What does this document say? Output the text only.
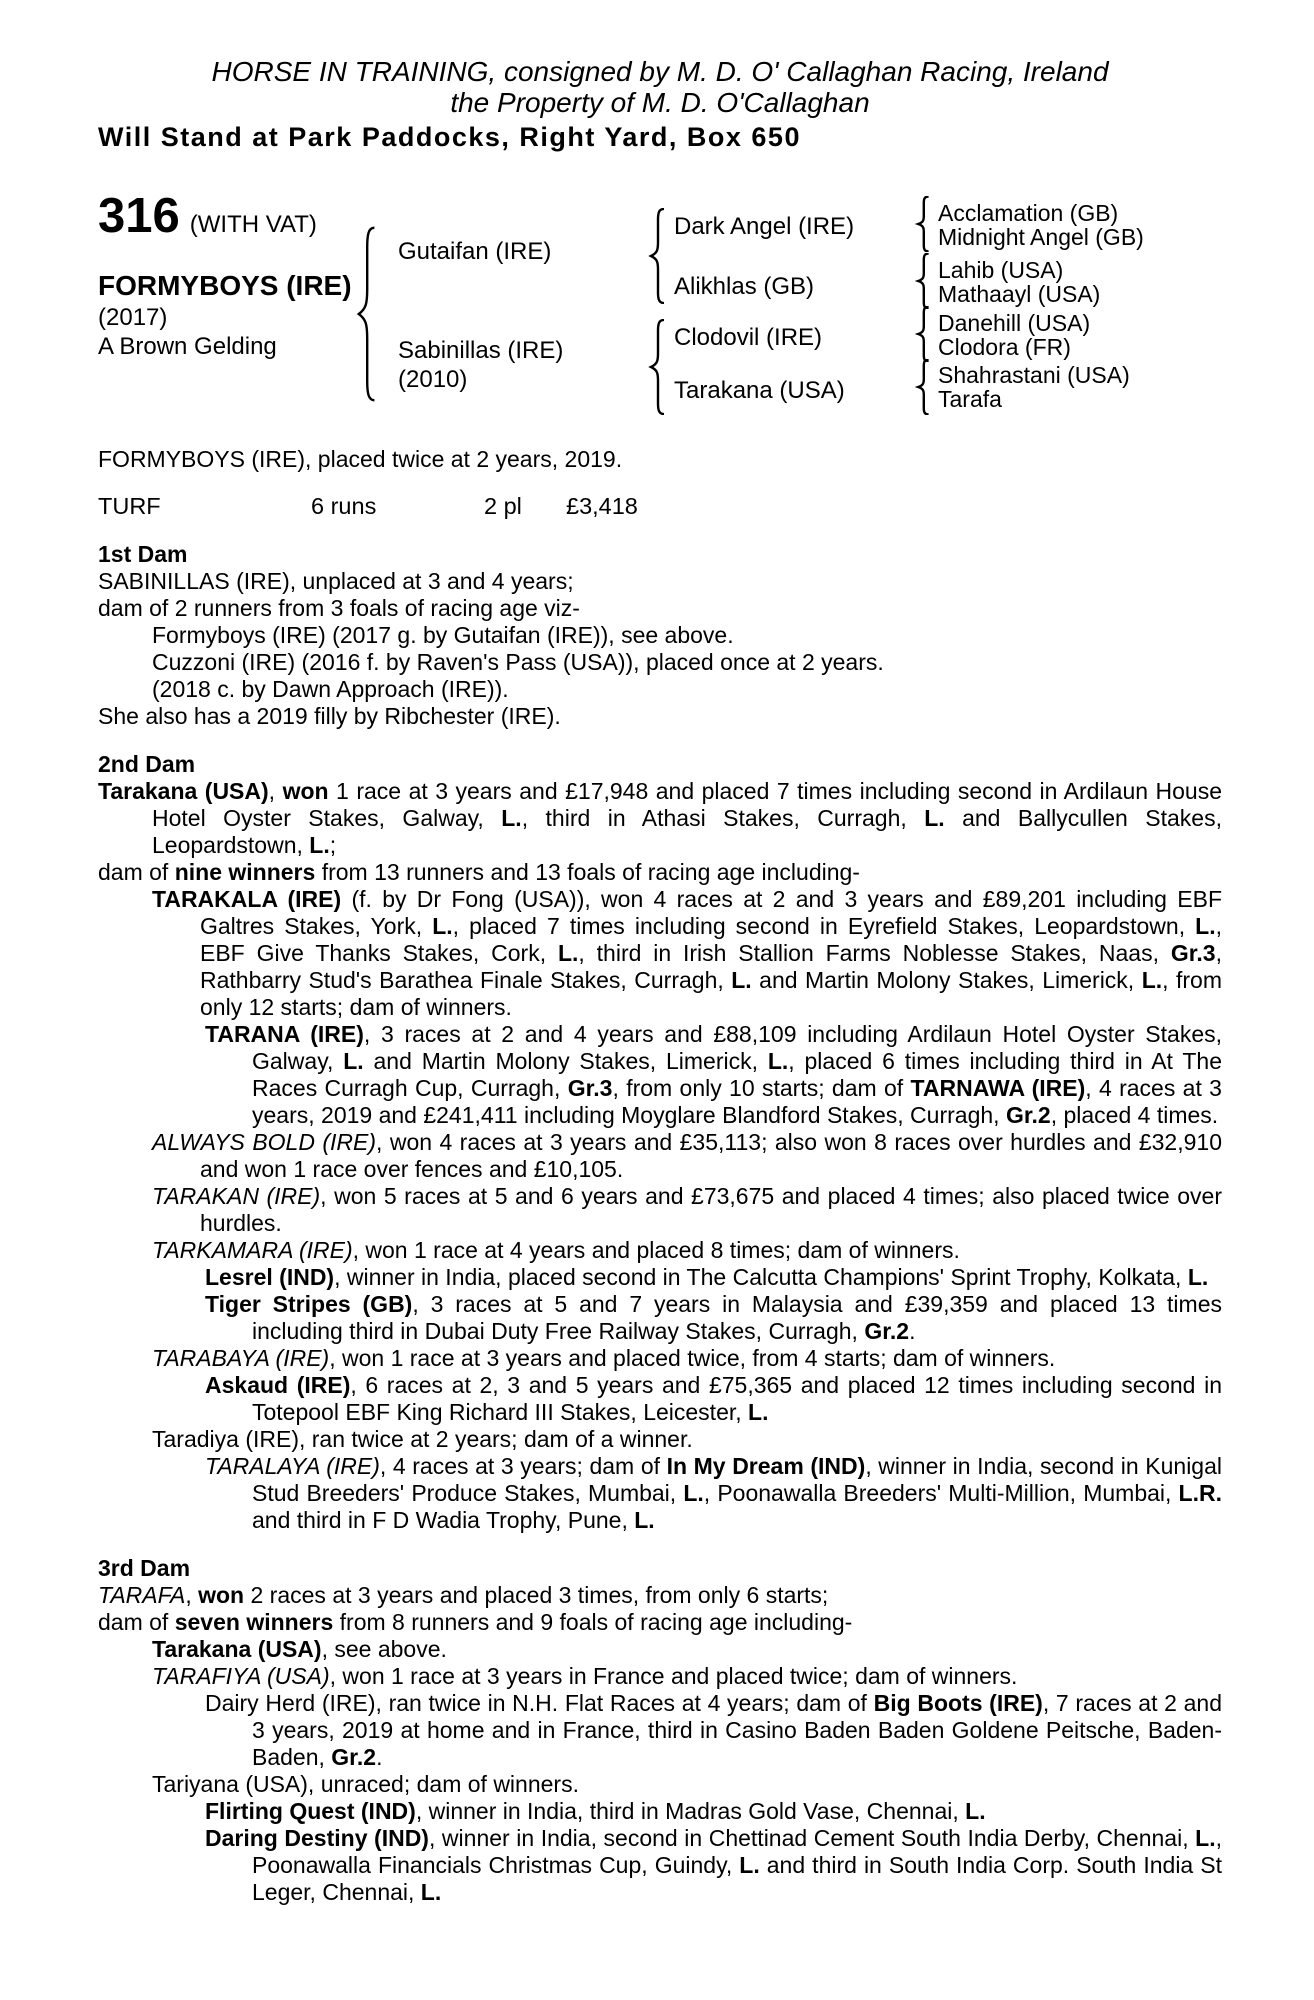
HORSE IN TRAINING, consigned by M. D. O' Callaghan Racing, Ireland
the Property of M. D. O'Callaghan
Will Stand at Park Paddocks, Right Yard, Box 650
316 (WITH VAT)
FORMYBOYS (IRE)
(2017)
A Brown Gelding
Gutaifan (IRE)
Sabinillas (IRE)
(2010)
Dark Angel (IRE)
Alikhlas (GB)
Clodovil (IRE)
Tarakana (USA)
Acclamation (GB)
Midnight Angel (GB)
Lahib (USA)
Mathaayl (USA)
Danehill (USA)
Clodora (FR)
Shahrastani (USA)
Tarafa
FORMYBOYS (IRE), placed twice at 2 years, 2019.
TURF	6 runs	2 pl £3,418

1st Dam

SABINILLAS (IRE), unplaced at 3 and 4 years;

dam of 2 runners from 3 foals of racing age viz-

Formyboys (IRE) (2017 g. by Gutaifan (IRE)), see above.

Cuzzoni (IRE) (2016 f. by Raven's Pass (USA)), placed once at 2 years.

(2018 c. by Dawn Approach (IRE)).

She also has a 2019 filly by Ribchester (IRE).

2nd Dam

Tarakana (USA), won 1 race at 3 years and £17,948 and placed 7 times including second in Ardilaun House Hotel Oyster Stakes, Galway, L., third in Athasi Stakes, Curragh, L. and Ballycullen Stakes, Leopardstown, L.;

dam of nine winners from 13 runners and 13 foals of racing age including-

TARAKALA (IRE) (f. by Dr Fong (USA)), won 4 races at 2 and 3 years and £89,201 including EBF Galtres Stakes, York, L., placed 7 times including second in Eyrefield Stakes, Leopardstown, L., EBF Give Thanks Stakes, Cork, L., third in Irish Stallion Farms Noblesse Stakes, Naas, Gr.3, Rathbarry Stud's Barathea Finale Stakes, Curragh, L. and Martin Molony Stakes, Limerick, L., from only 12 starts; dam of winners.

TARANA (IRE), 3 races at 2 and 4 years and £88,109 including Ardilaun Hotel Oyster Stakes, Galway, L. and Martin Molony Stakes, Limerick, L., placed 6 times including third in At The Races Curragh Cup, Curragh, Gr.3, from only 10 starts; dam of TARNAWA (IRE), 4 races at 3 years, 2019 and £241,411 including Moyglare Blandford Stakes, Curragh, Gr.2, placed 4 times.

ALWAYS BOLD (IRE), won 4 races at 3 years and £35,113; also won 8 races over hurdles and £32,910 and won 1 race over fences and £10,105.

TARAKAN (IRE), won 5 races at 5 and 6 years and £73,675 and placed 4 times; also placed twice over hurdles.

TARKAMARA (IRE), won 1 race at 4 years and placed 8 times; dam of winners.

Lesrel (IND), winner in India, placed second in The Calcutta Champions' Sprint Trophy, Kolkata, L.

Tiger Stripes (GB), 3 races at 5 and 7 years in Malaysia and £39,359 and placed 13 times including third in Dubai Duty Free Railway Stakes, Curragh, Gr.2.

TARABAYA (IRE), won 1 race at 3 years and placed twice, from 4 starts; dam of winners.

Askaud (IRE), 6 races at 2, 3 and 5 years and £75,365 and placed 12 times including second in Totepool EBF King Richard III Stakes, Leicester, L.

Taradiya (IRE), ran twice at 2 years; dam of a winner.

TARALAYA (IRE), 4 races at 3 years; dam of In My Dream (IND), winner in India, second in Kunigal Stud Breeders' Produce Stakes, Mumbai, L., Poonawalla Breeders' Multi-Million, Mumbai, L.R. and third in F D Wadia Trophy, Pune, L.

3rd Dam

TARAFA, won 2 races at 3 years and placed 3 times, from only 6 starts;

dam of seven winners from 8 runners and 9 foals of racing age including-

Tarakana (USA), see above.

TARAFIYA (USA), won 1 race at 3 years in France and placed twice; dam of winners.

Dairy Herd (IRE), ran twice in N.H. Flat Races at 4 years; dam of Big Boots (IRE), 7 races at 2 and 3 years, 2019 at home and in France, third in Casino Baden Baden Goldene Peitsche, Baden-Baden, Gr.2.

Tariyana (USA), unraced; dam of winners.

Flirting Quest (IND), winner in India, third in Madras Gold Vase, Chennai, L.

Daring Destiny (IND), winner in India, second in Chettinad Cement South India Derby, Chennai, L., Poonawalla Financials Christmas Cup, Guindy, L. and third in South India Corp. South India St Leger, Chennai, L.
